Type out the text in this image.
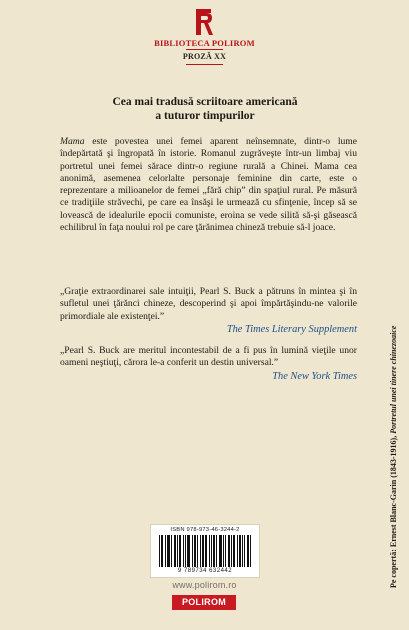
BIBLIOTECA POLIROM
PROZĂ XX
Cea mai tradusă scriitoare americană
a tuturor timpurilor

Mama este povestea unei femei aparent neînsemnate, dintr-o lume îndepărtată şi îngropată în istorie. Romanul zugrăveşte într-un limbaj viu portretul unei femei sărace dintr-o regiune rurală a Chinei. Mama cea anonimă, asemenea celorlalte personaje feminine din carte, este o reprezentare a milioanelor de femei „fără chip” din spaţiul rural. Pe măsură ce tradiţiile străvechi, pe care ea însăşi le urmează cu sfinţenie, încep să se lovească de idealurile epocii comuniste, eroina se vede silită să-şi găsească echilibrul în faţa noului rol pe care ţărănimea chineză trebuie să-l joace.

„Graţie extraordinarei sale intuiţii, Pearl S. Buck a pătruns în mintea şi în sufletul unei ţărănci chineze, descoperind şi apoi împărtăşindu-ne valorile primordiale ale existenţei.”

The Times Literary Supplement

„Pearl S. Buck are meritul incontestabil de a fi pus în lumină vieţile unor oameni neştiuţi, cărora le-a conferit un destin universal.”

The New York Times
ISBN 978-973-46-3244-2
9 789734 632442
www.polirom.ro
POLIROM
Pe copertă: Ernest Blanc-Garin (1843-1916), Portretul unei tinere chinezoaice
